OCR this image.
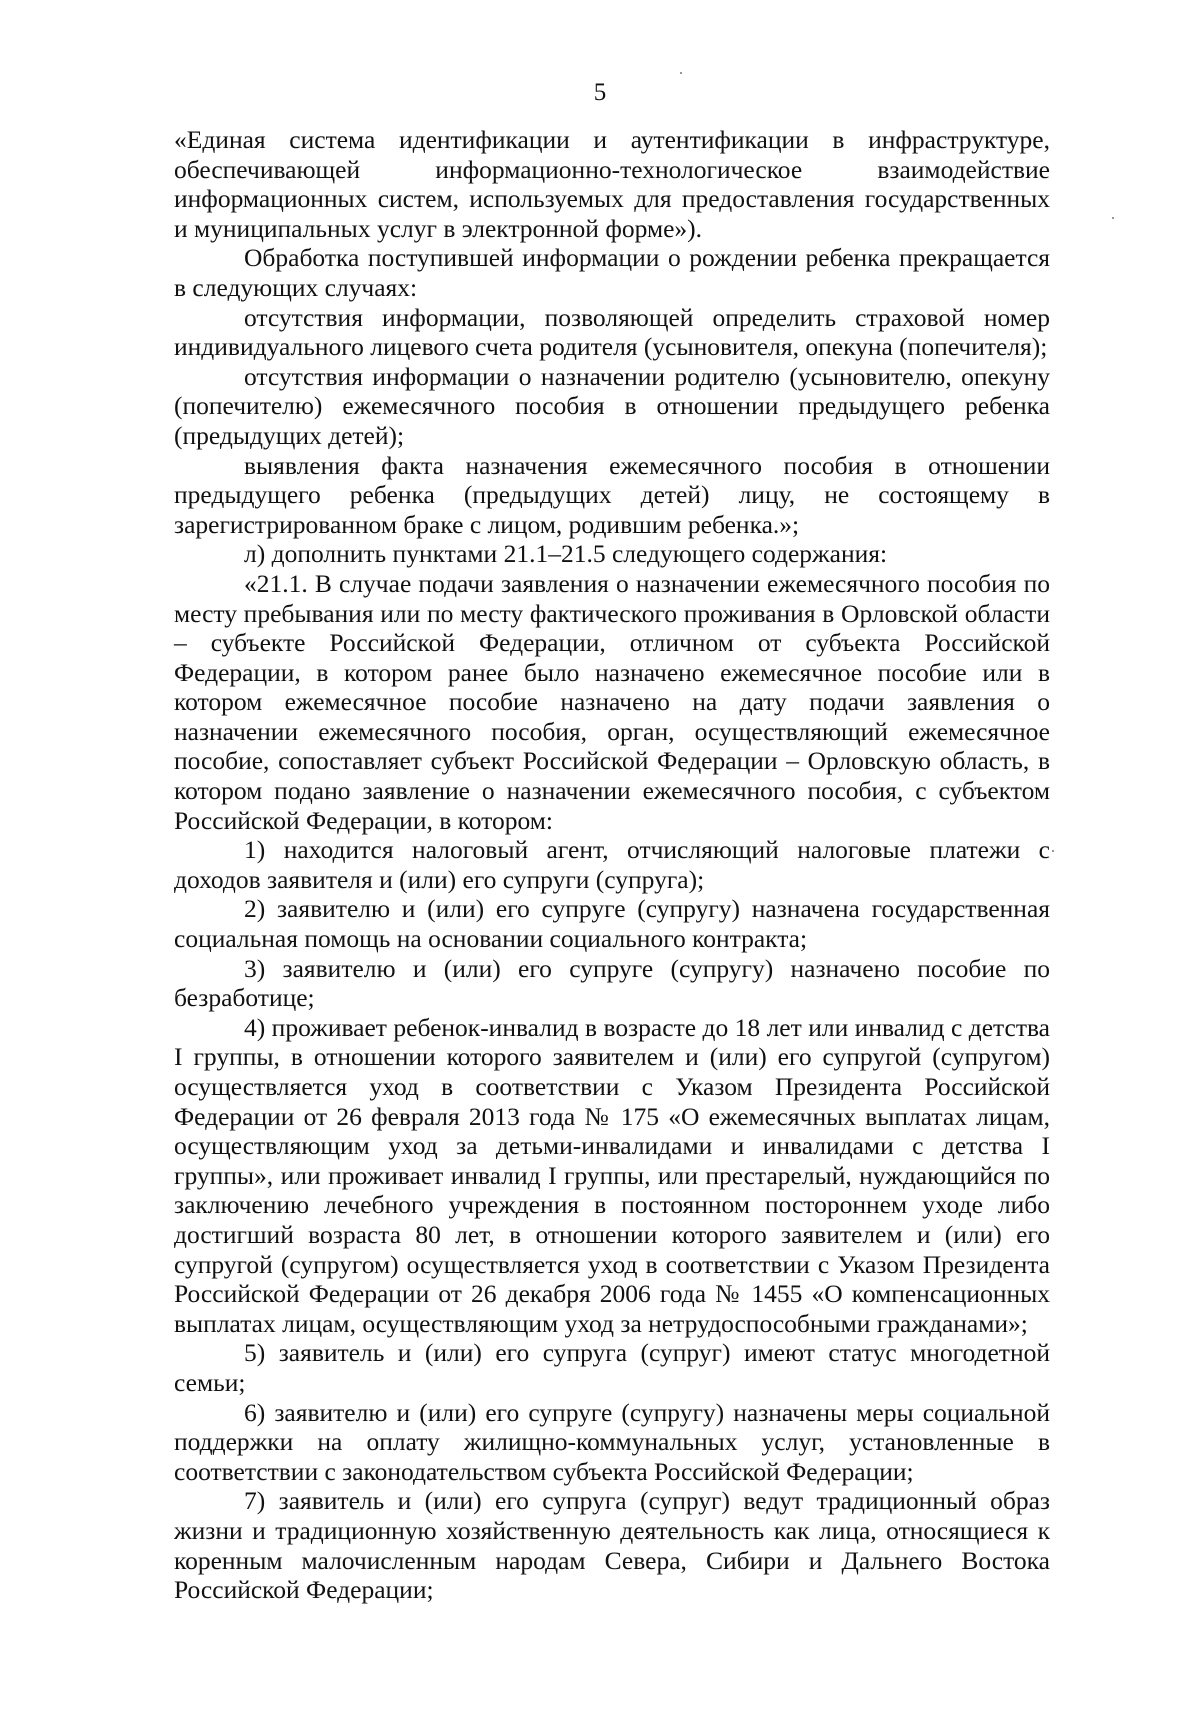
5

«Единая система идентификации и аутентификации в инфраструктуре, обеспечивающей информационно-технологическое взаимодействие информационных систем, используемых для предоставления государственных и муниципальных услуг в электронной форме»).

Обработка поступившей информации о рождении ребенка прекращается в следующих случаях:

отсутствия информации, позволяющей определить страховой номер индивидуального лицевого счета родителя (усыновителя, опекуна (попечителя);

отсутствия информации о назначении родителю (усыновителю, опекуну (попечителю) ежемесячного пособия в отношении предыдущего ребенка (предыдущих детей);

выявления факта назначения ежемесячного пособия в отношении предыдущего ребенка (предыдущих детей) лицу, не состоящему в зарегистрированном браке с лицом, родившим ребенка.»;

л) дополнить пунктами 21.1–21.5 следующего содержания:

«21.1. В случае подачи заявления о назначении ежемесячного пособия по месту пребывания или по месту фактического проживания в Орловской области – субъекте Российской Федерации, отличном от субъекта Российской Федерации, в котором ранее было назначено ежемесячное пособие или в котором ежемесячное пособие назначено на дату подачи заявления о назначении ежемесячного пособия, орган, осуществляющий ежемесячное пособие, сопоставляет субъект Российской Федерации – Орловскую область, в котором подано заявление о назначении ежемесячного пособия, с субъектом Российской Федерации, в котором:

1) находится налоговый агент, отчисляющий налоговые платежи с доходов заявителя и (или) его супруги (супруга);

2) заявителю и (или) его супруге (супругу) назначена государственная социальная помощь на основании социального контракта;

3) заявителю и (или) его супруге (супругу) назначено пособие по безработице;

4) проживает ребенок-инвалид в возрасте до 18 лет или инвалид с детства I группы, в отношении которого заявителем и (или) его супругой (супругом) осуществляется уход в соответствии с Указом Президента Российской Федерации от 26 февраля 2013 года № 175 «О ежемесячных выплатах лицам, осуществляющим уход за детьми-инвалидами и инвалидами с детства I группы», или проживает инвалид I группы, или престарелый, нуждающийся по заключению лечебного учреждения в постоянном постороннем уходе либо достигший возраста 80 лет, в отношении которого заявителем и (или) его супругой (супругом) осуществляется уход в соответствии с Указом Президента Российской Федерации от 26 декабря 2006 года № 1455 «О компенсационных выплатах лицам, осуществляющим уход за нетрудоспособными гражданами»;

5) заявитель и (или) его супруга (супруг) имеют статус многодетной семьи;

6) заявителю и (или) его супруге (супругу) назначены меры социальной поддержки на оплату жилищно-коммунальных услуг, установленные в соответствии с законодательством субъекта Российской Федерации;

7) заявитель и (или) его супруга (супруг) ведут традиционный образ жизни и традиционную хозяйственную деятельность как лица, относящиеся к коренным малочисленным народам Севера, Сибири и Дальнего Востока Российской Федерации;
